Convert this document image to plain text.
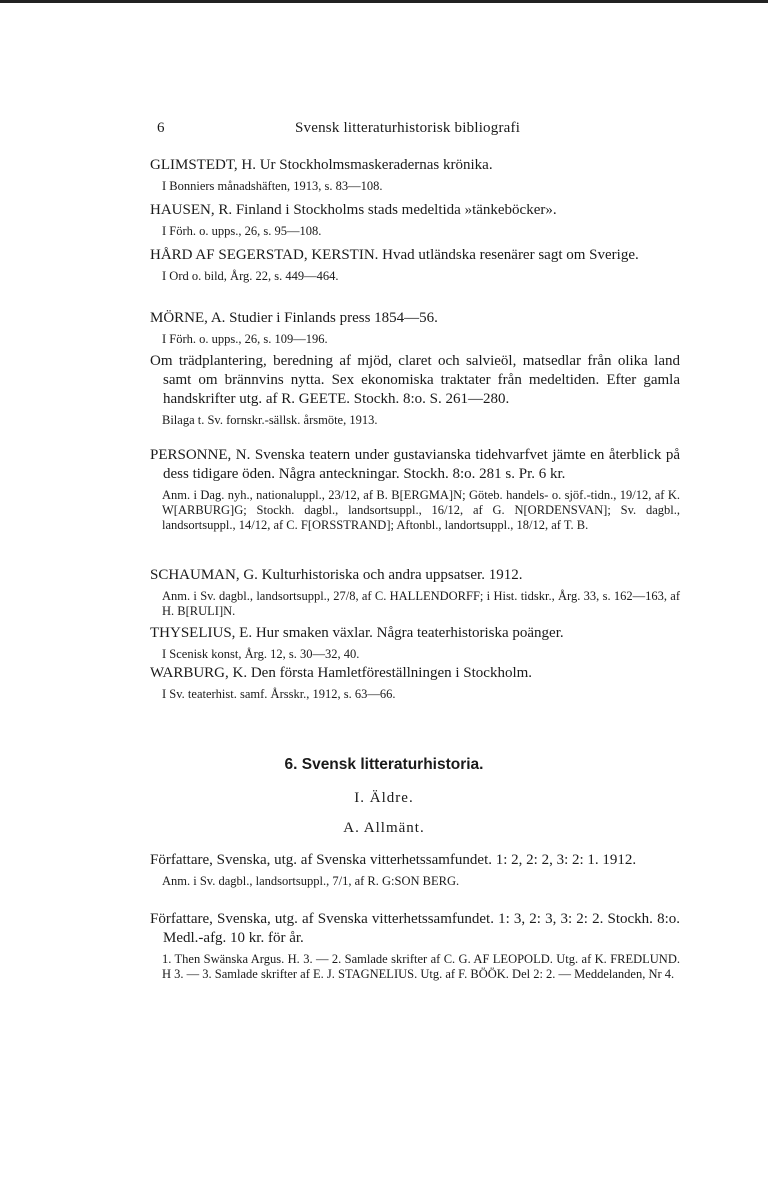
6	Svensk litteraturhistorisk bibliografi
GLIMSTEDT, H. Ur Stockholmsmaskeradernas krönika.
I Bonniers månadshäften, 1913, s. 83—108.
HAUSEN, R. Finland i Stockholms stads medeltida »tänkeböcker».
I Förh. o. upps., 26, s. 95—108.
HÅRD AF SEGERSTAD, KERSTIN. Hvad utländska resenärer sagt om Sverige.
I Ord o. bild, Årg. 22, s. 449—464.
MÖRNE, A. Studier i Finlands press 1854—56.
I Förh. o. upps., 26, s. 109—196.
Om trädplantering, beredning af mjöd, claret och salvieöl, matsedlar från olika land samt om brännvins nytta. Sex ekonomiska traktater från medeltiden. Efter gamla handskrifter utg. af R. GEETE. Stockh. 8:o. S. 261—280.
Bilaga t. Sv. fornskr.-sällsk. årsmöte, 1913.
PERSONNE, N. Svenska teatern under gustavianska tidehvarfvet jämte en återblick på dess tidigare öden. Några anteckningar. Stockh. 8:o. 281 s. Pr. 6 kr.
Anm. i Dag. nyh., nationaluppl., 23/12, af B. B[ERGMA]N; Göteb. handels- o. sjöf.-tidn., 19/12, af K. W[ARBURG]G; Stockh. dagbl., landsortsuppl., 16/12, af G. N[ORDENSVAN]; Sv. dagbl., landsortsuppl., 14/12, af C. F[ORSSTRAND]; Aftonbl., landortsuppl., 18/12, af T. B.
SCHAUMAN, G. Kulturhistoriska och andra uppsatser. 1912.
Anm. i Sv. dagbl., landsortsuppl., 27/8, af C. HALLENDORFF; i Hist. tidskr., Årg. 33, s. 162—163, af H. B[RULI]N.
THYSELIUS, E. Hur smaken växlar. Några teaterhistoriska poänger.
I Scenisk konst, Årg. 12, s. 30—32, 40.
WARBURG, K. Den första Hamletföreställningen i Stockholm.
I Sv. teaterhist. samf. Årsskr., 1912, s. 63—66.
6. Svensk litteraturhistoria.
I. Äldre.
A. Allmänt.
Författare, Svenska, utg. af Svenska vitterhetssamfundet. 1: 2, 2: 2, 3: 2: 1. 1912.
Anm. i Sv. dagbl., landsortsuppl., 7/1, af R. G:SON BERG.
Författare, Svenska, utg. af Svenska vitterhetssamfundet. 1: 3, 2: 3, 3: 2: 2. Stockh. 8:o. Medl.-afg. 10 kr. för år.
1. Then Swänska Argus. H. 3. — 2. Samlade skrifter af C. G. AF LEOPOLD. Utg. af K. FREDLUND. H 3. — 3. Samlade skrifter af E. J. STAGNELIUS. Utg. af F. BÖÖK. Del 2: 2. — Meddelanden, Nr 4.
